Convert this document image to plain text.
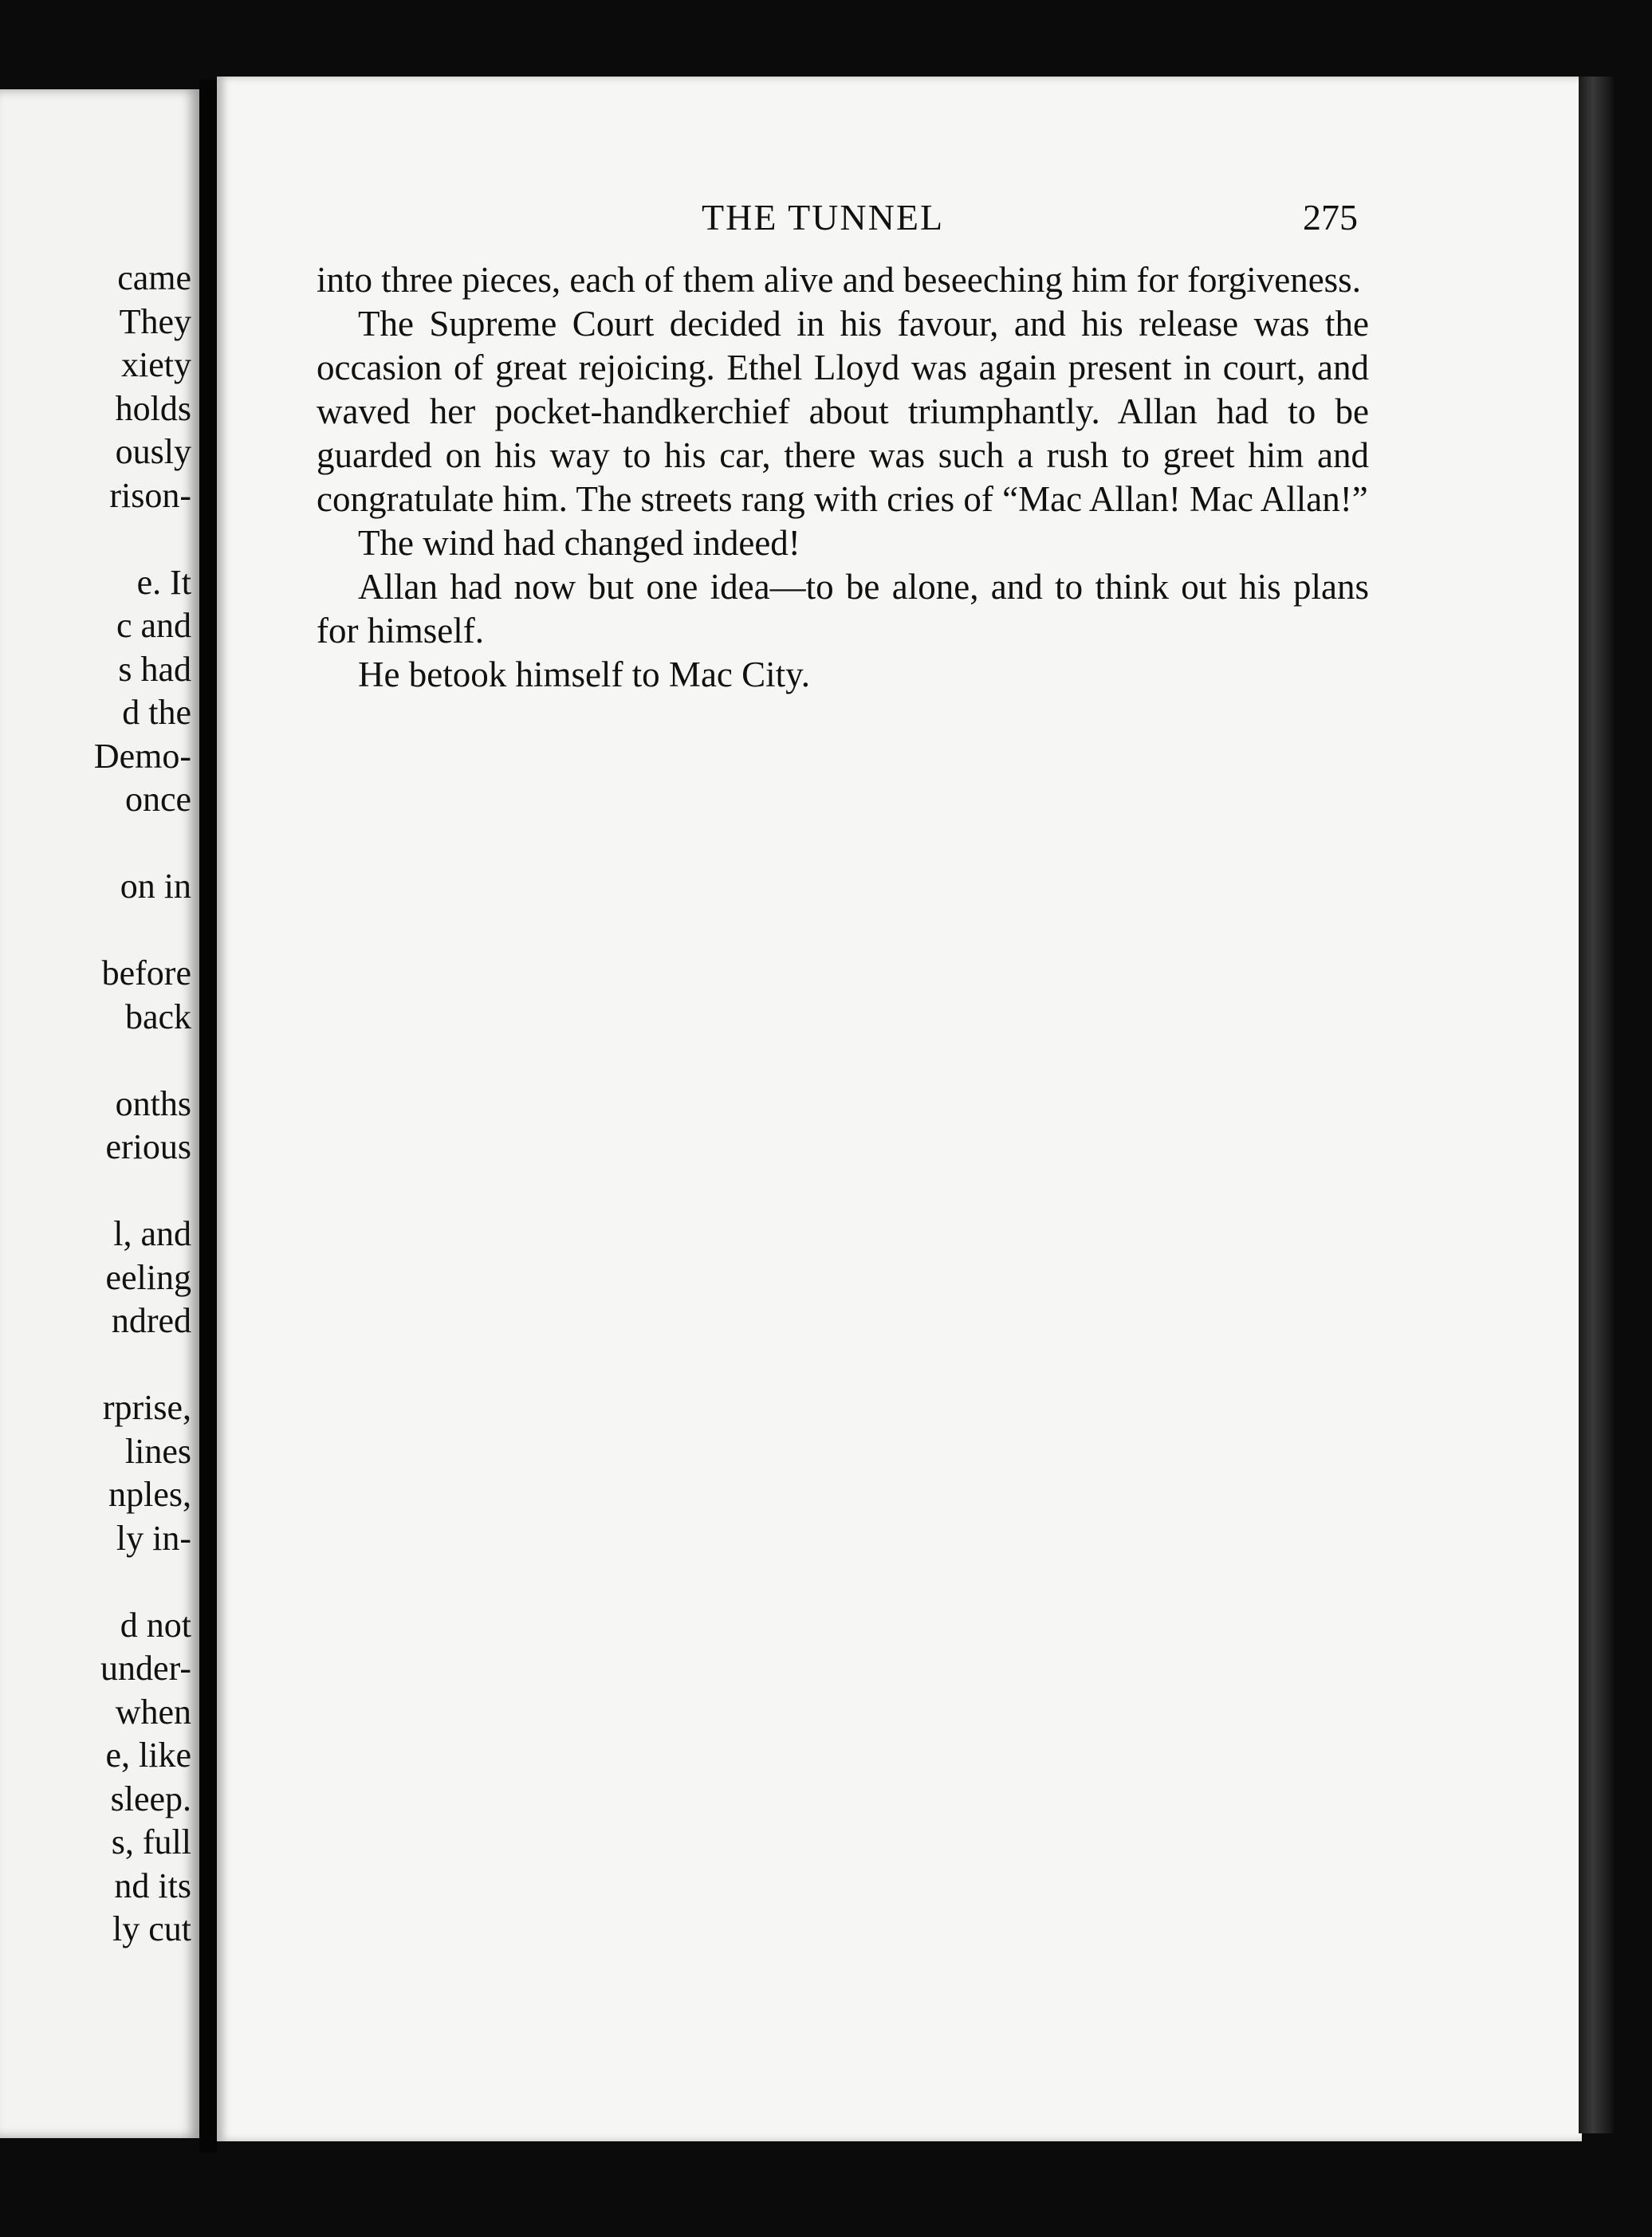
came
They
xiety
holds
ously
rison-
e. It
c and
s had
d the
Demo-
once
on in
before
back
onths
erious
l, and
eeling
ndred
rprise,
lines
nples,
ly in-
d not
under-
when
e, like
sleep.
s, full
nd its
ly cut
THE TUNNEL	275

into three pieces, each of them alive and beseeching him for forgiveness.

The Supreme Court decided in his favour, and his release was the occasion of great rejoicing. Ethel Lloyd was again present in court, and waved her pocket-handkerchief about triumphantly. Allan had to be guarded on his way to his car, there was such a rush to greet him and congratulate him. The streets rang with cries of “Mac Allan! Mac Allan!”

The wind had changed indeed!

Allan had now but one idea—to be alone, and to think out his plans for himself.

He betook himself to Mac City.
